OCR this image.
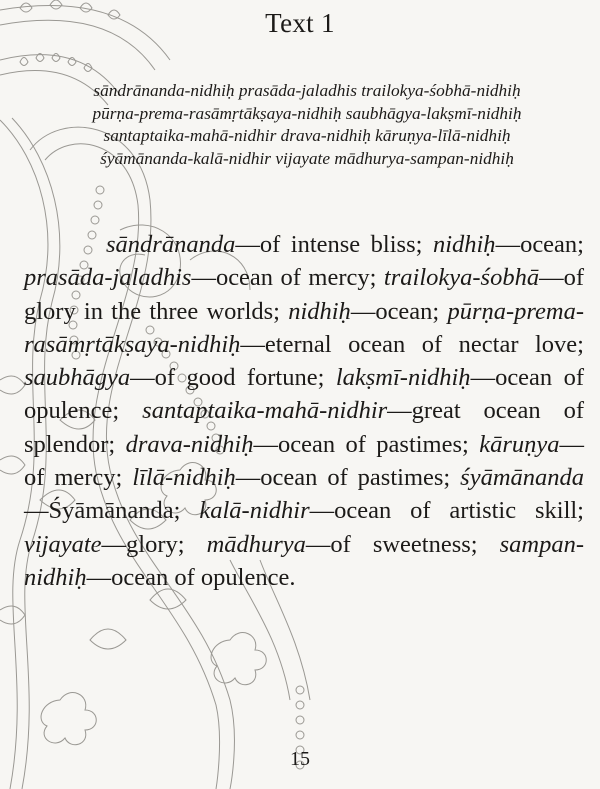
Text 1
sāndrānanda-nidhiḥ prasāda-jaladhis trailokya-śobhā-nidhiḥ
pūrṇa-prema-rasāmṛtākṣaya-nidhiḥ saubhāgya-lakṣmī-nidhiḥ
santaptaika-mahā-nidhir drava-nidhiḥ kāruṇya-līlā-nidhiḥ
śyāmānanda-kalā-nidhir vijayate mādhurya-sampan-nidhiḥ
sāndrānanda—of intense bliss; nidhiḥ—ocean; prasāda-jaladhis—ocean of mercy; trailokya-śobhā—of glory in the three worlds; nidhiḥ—ocean; pūrṇa-prema-rasāmṛtākṣaya-nidhiḥ—eternal ocean of nectar love; saubhāgya—of good fortune; lakṣmī-nidhiḥ—ocean of opulence; santaptaika-mahā-nidhir—great ocean of splendor; drava-nidhiḥ—ocean of pastimes; kāruṇya—of mercy; līlā-nidhiḥ—ocean of pastimes; śyāmānanda—Śyāmānanda; kalā-nidhir—ocean of artistic skill; vijayate—glory; mādhurya—of sweetness; sampan-nidhiḥ—ocean of opulence.
15
